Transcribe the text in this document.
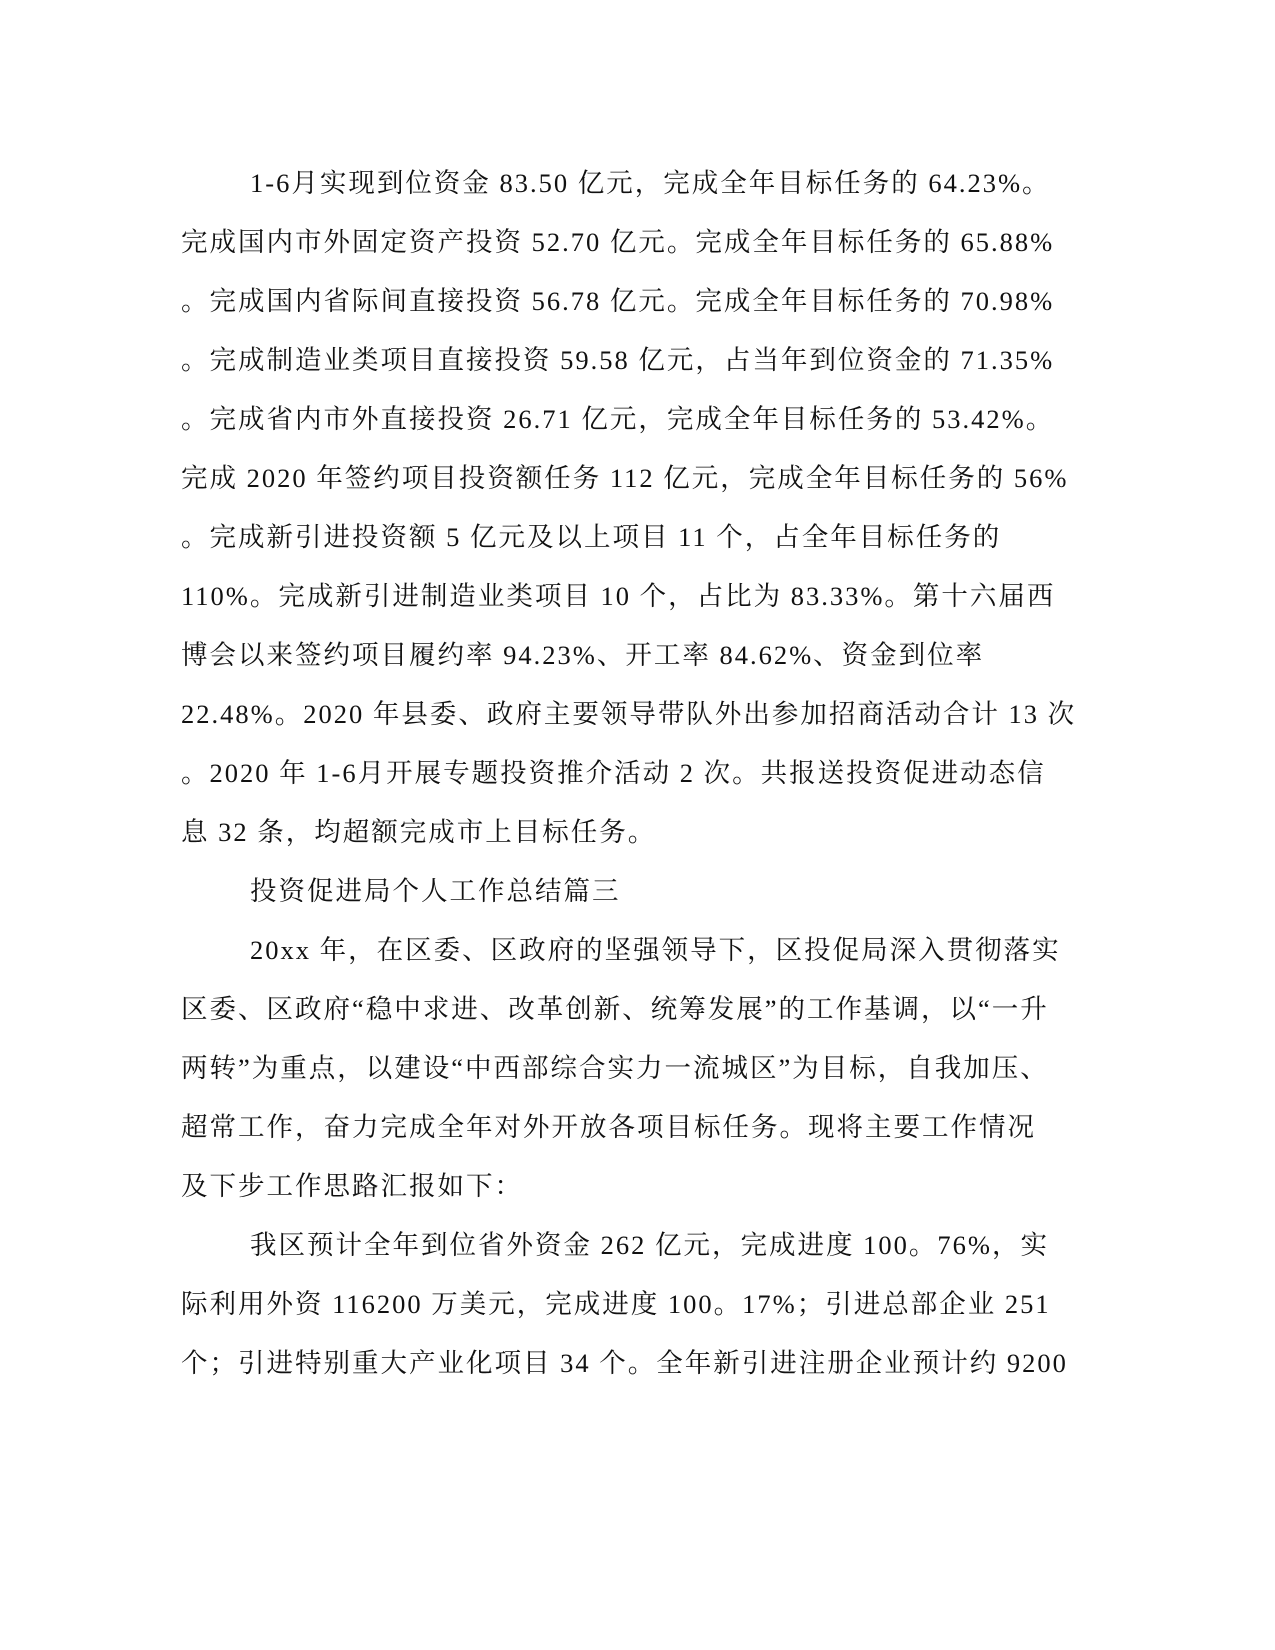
1-6月实现到位资金 83.50 亿元，完成全年目标任务的 64.23%。
完成国内市外固定资产投资 52.70 亿元。完成全年目标任务的 65.88%
。完成国内省际间直接投资 56.78 亿元。完成全年目标任务的 70.98%
。完成制造业类项目直接投资 59.58 亿元，占当年到位资金的 71.35%
。完成省内市外直接投资 26.71 亿元，完成全年目标任务的 53.42%。
完成 2020 年签约项目投资额任务 112 亿元，完成全年目标任务的 56%
。完成新引进投资额 5 亿元及以上项目 11 个，占全年目标任务的
110%。完成新引进制造业类项目 10 个，占比为 83.33%。第十六届西
博会以来签约项目履约率 94.23%、开工率 84.62%、资金到位率
22.48%。2020 年县委、政府主要领导带队外出参加招商活动合计 13 次
。2020 年 1-6月开展专题投资推介活动 2 次。共报送投资促进动态信
息 32 条，均超额完成市上目标任务。
投资促进局个人工作总结篇三
20xx 年，在区委、区政府的坚强领导下，区投促局深入贯彻落实
区委、区政府“稳中求进、改革创新、统筹发展”的工作基调，以“一升
两转”为重点，以建设“中西部综合实力一流城区”为目标，自我加压、
超常工作，奋力完成全年对外开放各项目标任务。现将主要工作情况
及下步工作思路汇报如下：
我区预计全年到位省外资金 262 亿元，完成进度 100。76%，实
际利用外资 116200 万美元，完成进度 100。17%；引进总部企业 251
个；引进特别重大产业化项目 34 个。全年新引进注册企业预计约 9200
